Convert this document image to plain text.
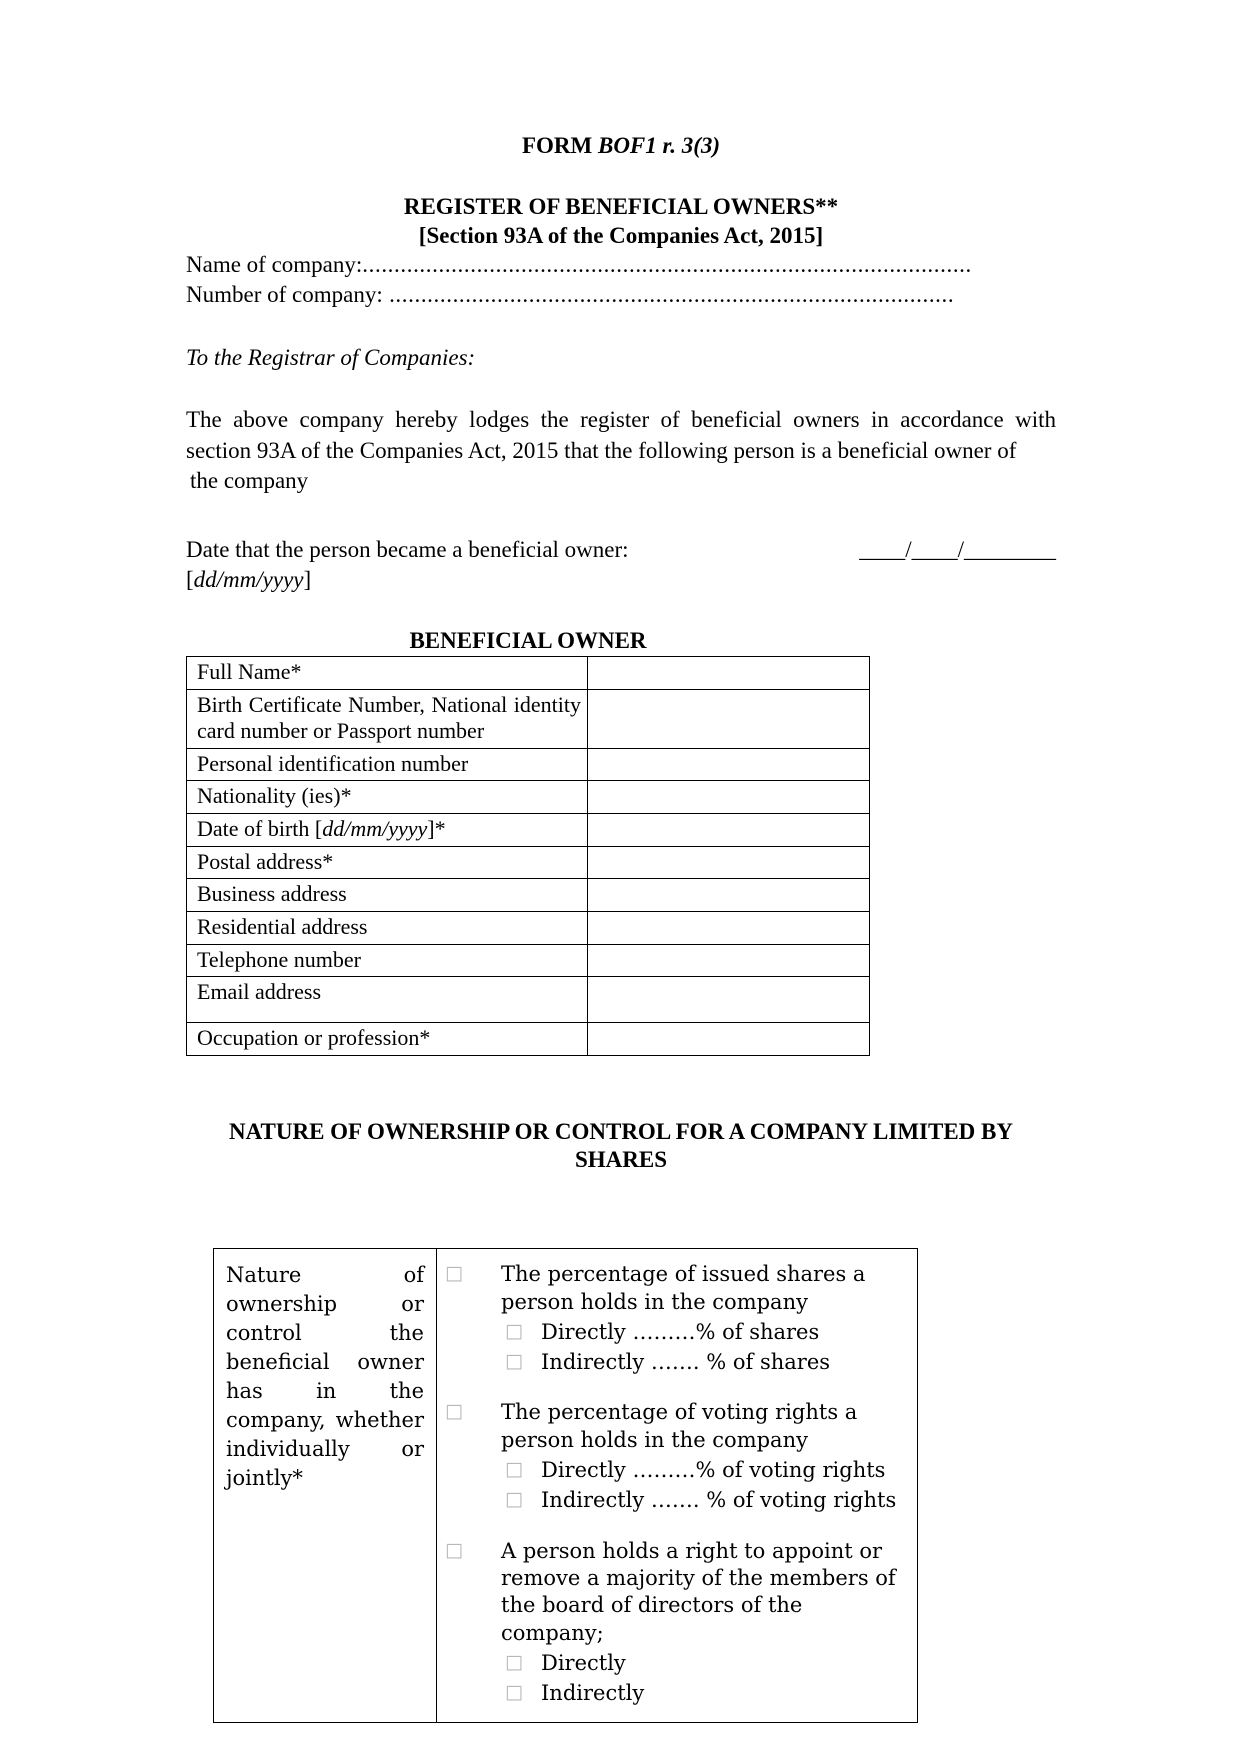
FORM BOF1 r. 3(3)
REGISTER OF BENEFICIAL OWNERS**
[Section 93A of the Companies Act, 2015]
Name of company:................................................................................................
Number of company: .........................................................................................
To the Registrar of Companies:
The above company hereby lodges the register of beneficial owners in accordance with section 93A of the Companies Act, 2015 that the following person is a beneficial owner of
the company
Date that the person became a beneficial owner:	____/____/________
[dd/mm/yyyy]
BENEFICIAL OWNER
Full Name*	

Birth Certificate Number, National identity
card number or Passport number	
Personal identification number	
Nationality (ies)*	
Date of birth [dd/mm/yyyy]*	
Postal address*	
Business address	
Residential address	
Telephone number	
Email address	
Occupation or profession*	
NATURE OF OWNERSHIP OR CONTROL FOR A COMPANY LIMITED BY
SHARES
Nature of ownership or control the beneficial owner has in the company, whether individually or jointly*	
□ The percentage of issued shares a person holds in the company
□ Directly ………% of shares
□ Indirectly ……. % of shares
□ The percentage of voting rights a person holds in the company
□ Directly ………% of voting rights
□ Indirectly ……. % of voting rights
□ A person holds a right to appoint or remove a majority of the members of the board of directors of the company;
□ Directly
□ Indirectly
